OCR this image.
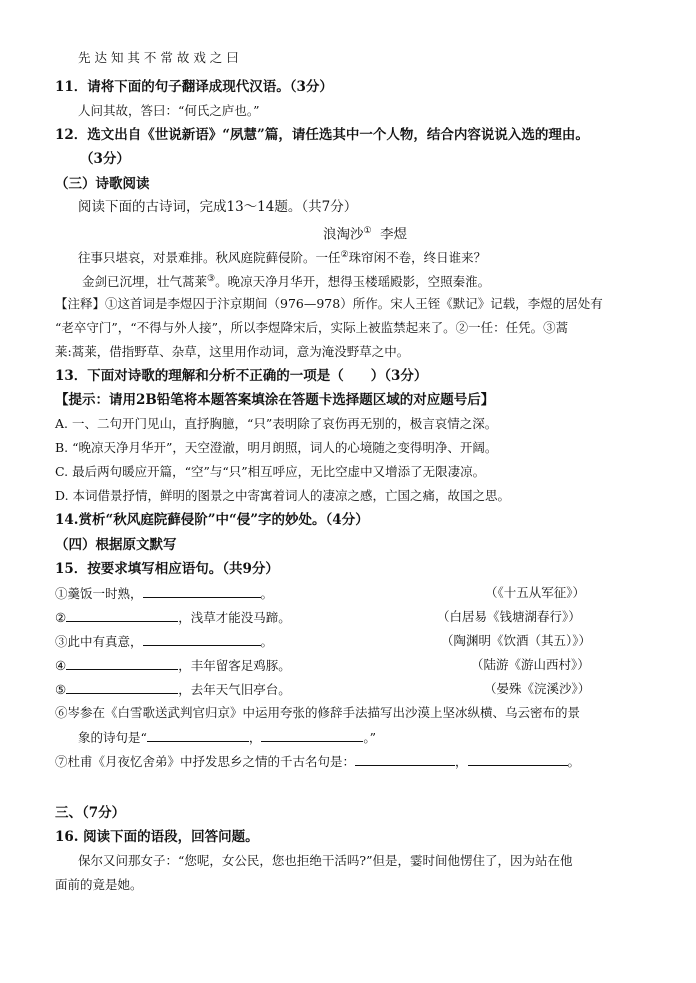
先 达 知 其 不 常 故 戏 之 曰
11．请将下面的句子翻译成现代汉语。（3分）
人问其故，答曰：“何氏之庐也。”
12．选文出自《世说新语》“夙慧”篇，请任选其中一个人物，结合内容说说入选的理由。
（3分）
（三）诗歌阅读
阅读下面的古诗词，完成13～14题。（共7分）
浪淘沙① 李煜
往事只堪哀，对景难排。秋风庭院藓侵阶。一任②珠帘闲不卷，终日谁来？
金剑已沉埋，壮气蒿莱③。晚凉天净月华开，想得玉楼瑶殿影，空照秦淮。
【注释】①这首词是李煜囚于汴京期间（976—978）所作。宋人王铚《默记》记载，李煜的居处有
“老卒守门”，“不得与外人接”，所以李煜降宋后，实际上被监禁起来了。②一任：任凭。③蒿
莱:蒿莱，借指野草、杂草，这里用作动词，意为淹没野草之中。
13．下面对诗歌的理解和分析不正确的一项是（　　）（3分）
【提示：请用2B铅笔将本题答案填涂在答题卡选择题区域的对应题号后】
A. 一、二句开门见山，直抒胸臆，“只”表明除了哀伤再无别的，极言哀情之深。
B. “晚凉天净月华开”，天空澄澈，明月朗照，词人的心境随之变得明净、开阔。
C. 最后两句暖应开篇，“空”与“只”相互呼应，无比空虚中又增添了无限凄凉。
D. 本词借景抒情，鲜明的图景之中寄寓着词人的凄凉之感，亡国之痛，故国之思。
14.赏析“秋风庭院藓侵阶”中“侵”字的妙处。（4分）
（四）根据原文默写
15．按要求填写相应语句。（共9分）
①羹饭一时熟，	。	（《十五从军征》）
②	，浅草才能没马蹄。	（白居易《钱塘湖春行》）
③此中有真意，	。	（陶渊明《饮酒（其五）》）
④	，丰年留客足鸡豚。	（陆游《游山西村》）
⑤	，去年天气旧亭台。	（晏殊《浣溪沙》）
⑥岑参在《白雪歌送武判官归京》中运用夸张的修辞手法描写出沙漠上坚冰纵横、乌云密布的景
象的诗句是“	，	。”
⑦杜甫《月夜忆舍弟》中抒发思乡之情的千古名句是：	，	。
三、（7分）
16. 阅读下面的语段，回答问题。
保尔又问那女子：“您呢，女公民，您也拒绝干活吗?”但是，霎时间他愣住了，因为站在他
面前的竟是她。
